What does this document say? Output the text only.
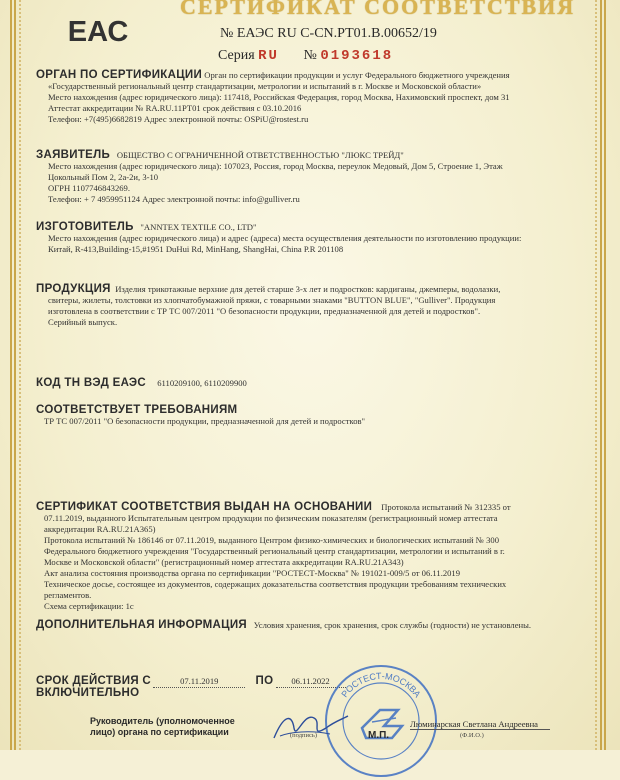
СЕРТИФИКАТ СООТВЕТСТВИЯ
ЕАС	№ ЕАЭС RU С-CN.РТ01.В.00652/19
Серия RU № 0193618
ОРГАН ПО СЕРТИФИКАЦИИ Орган по сертификации продукции и услуг Федерального бюджетного учреждения

«Государственный региональный центр стандартизации, метрологии и испытаний в г. Москве и Московской области»
Место нахождения (адрес юридического лица): 117418, Российская Федерация, город Москва, Нахимовский проспект, дом 31
Аттестат аккредитации № RA.RU.11PT01 срок действия с 03.10.2016
Телефон: +7(495)6682819 Адрес электронной почты: OSPiU@rostest.ru
ЗАЯВИТЕЛЬ ОБЩЕСТВО С ОГРАНИЧЕННОЙ ОТВЕТСТВЕННОСТЬЮ "ЛЮКС ТРЕЙД"

Место нахождения (адрес юридического лица): 107023, Россия, город Москва, переулок Медовый, Дом 5, Строение 1, Этаж
Цокольный Пом 2, 2а-2и, 3-10
ОГРН 1107746843269.
Телефон: + 7 4959951124 Адрес электронной почты: info@gulliver.ru
ИЗГОТОВИТЕЛЬ "ANNTEX TEXTILE CO., LTD"

Место нахождения (адрес юридического лица) и адрес (адреса) места осуществления деятельности по изготовлению продукции:
Китай, R-413,Building-15,#1951 DuHui Rd, MinHang, ShangHai, China P.R 201108
ПРОДУКЦИЯ Изделия трикотажные верхние для детей старше 3-х лет и подростков: кардиганы, джемперы, водолазки,

свитеры, жилеты, толстовки из хлопчатобумажной пряжи, с товарными знаками "BUTTON BLUE", "Gulliver". Продукция
изготовлена в соответствии с ТР ТС 007/2011 "О безопасности продукции, предназначенной для детей и подростков".
Серийный выпуск.
КОД ТН ВЭД ЕАЭС 6110209100, 6110209900
СООТВЕТСТВУЕТ ТРЕБОВАНИЯМ

ТР ТС 007/2011 "О безопасности продукции, предназначенной для детей и подростков"
СЕРТИФИКАТ СООТВЕТСТВИЯ ВЫДАН НА ОСНОВАНИИ Протокола испытаний № 312335 от

07.11.2019, выданного Испытательным центром продукции по физическим показателям (регистрационный номер аттестата
аккредитации RA.RU.21A365)
Протокола испытаний № 186146 от 07.11.2019, выданного Центром физико-химических и биологических испытаний № 300
Федерального бюджетного учреждения "Государственный региональный центр стандартизации, метрологии и испытаний в г.
Москве и Московской области" (регистрационный номер аттестата аккредитации RA.RU.21A343)
Акт анализа состояния производства органа по сертификации "РОСТЕСТ-Москва" № 191021-009/5 от 06.11.2019
Техническое досье, состоящее из документов, содержащих доказательства соответствия продукции требованиям технических
регламентов.
Схема сертификации: 1с
ДОПОЛНИТЕЛЬНАЯ ИНФОРМАЦИЯ Условия хранения, срок хранения, срок службы (годности) не установлены.
СРОК ДЕЙСТВИЯ С	07.11.2019	ПО 06.11.2022
ВКЛЮЧИТЕЛЬНО
Руководитель (уполномоченное
лицо) органа по сертификации
РОСТЕСТ-МОСКВА
(подпись)	М.П.
Люминарская Светлана Андреевна
(Ф.И.О.)
